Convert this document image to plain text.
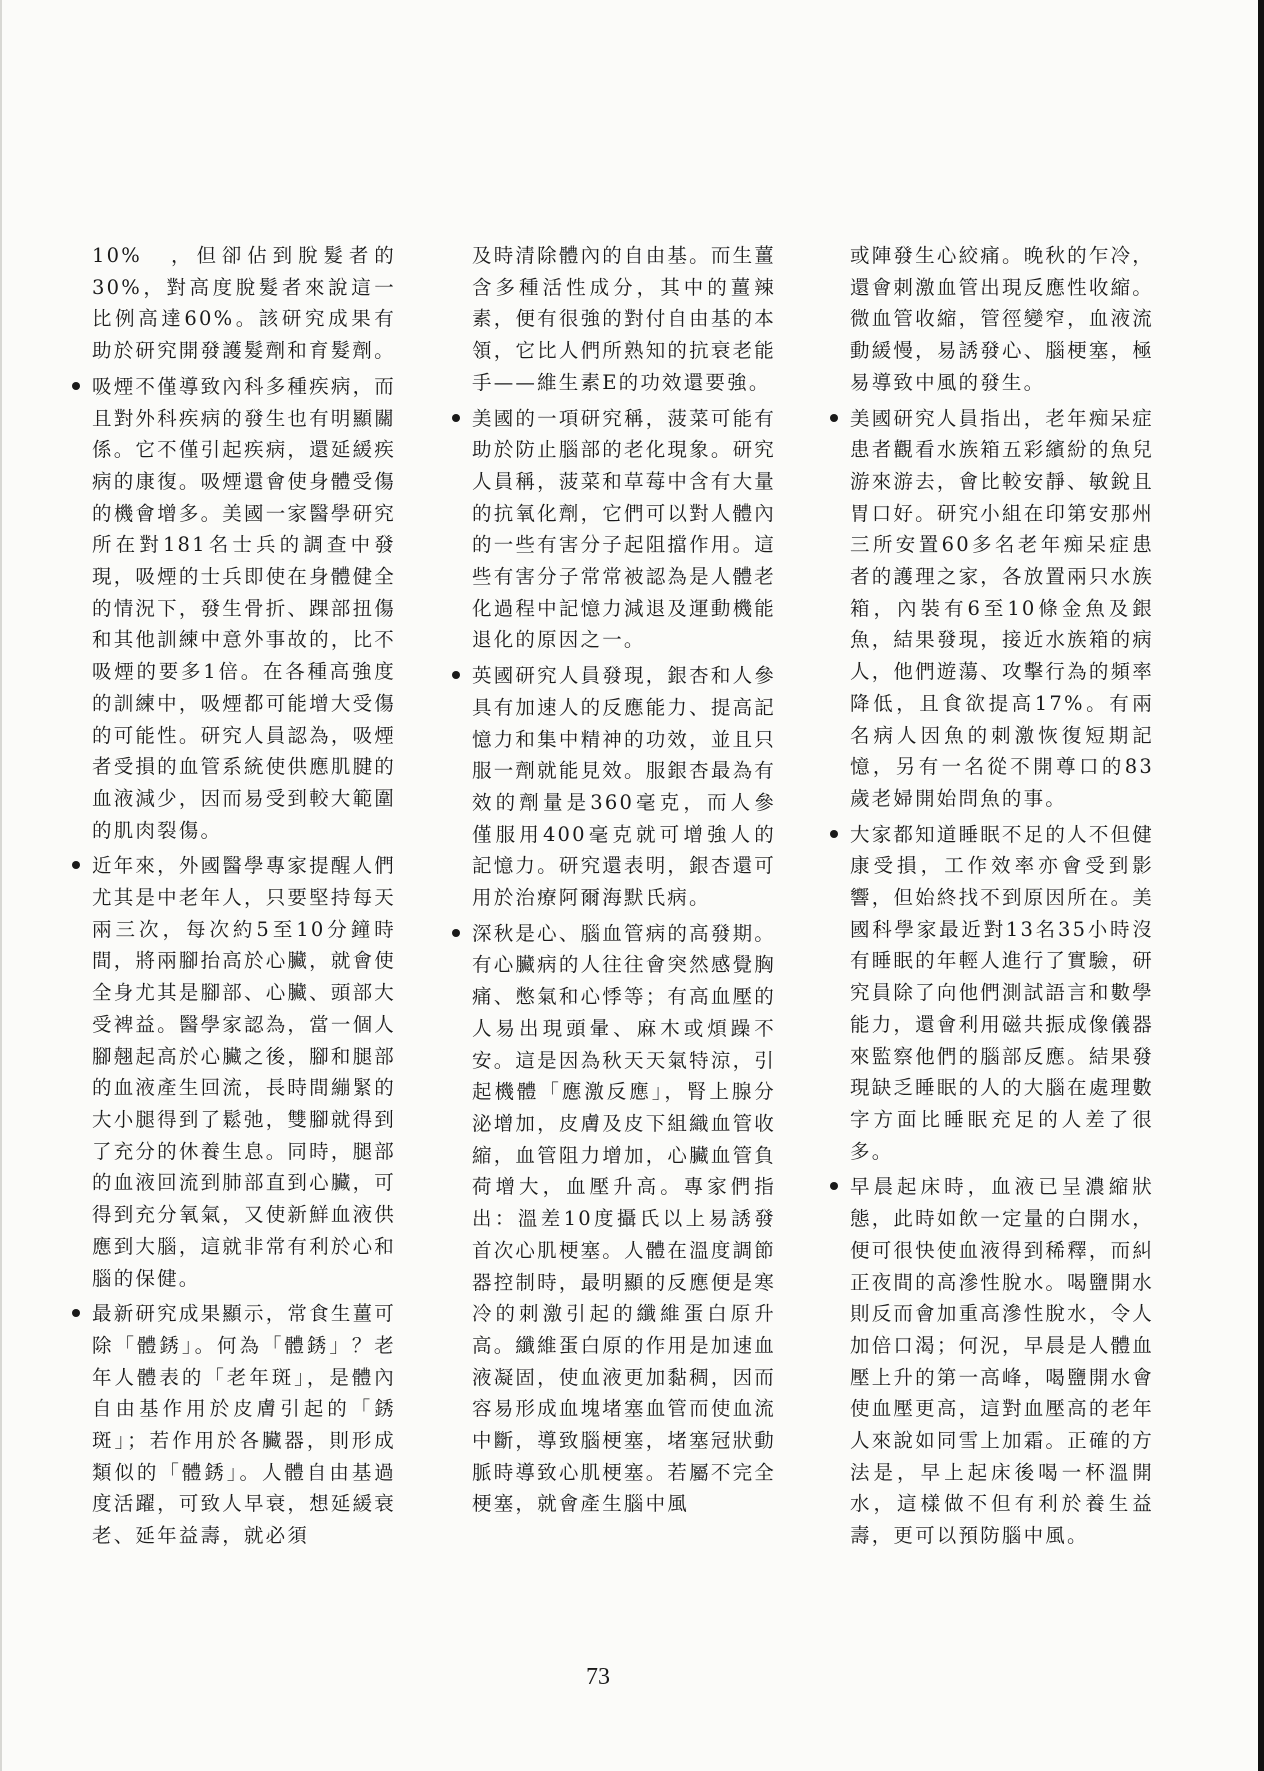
10%　，但卻佔到脫髮者的30%，對高度脫髮者來說這一比例高達60%。該研究成果有助於研究開發護髮劑和育髮劑。

吸煙不僅導致內科多種疾病，而且對外科疾病的發生也有明顯關係。它不僅引起疾病，還延緩疾病的康復。吸煙還會使身體受傷的機會增多。美國一家醫學研究所在對181名士兵的調查中發現，吸煙的士兵即使在身體健全的情況下，發生骨折、踝部扭傷和其他訓練中意外事故的，比不吸煙的要多1倍。在各種高強度的訓練中，吸煙都可能增大受傷的可能性。研究人員認為，吸煙者受損的血管系統使供應肌腱的血液減少，因而易受到較大範圍的肌肉裂傷。
近年來，外國醫學專家提醒人們尤其是中老年人，只要堅持每天兩三次，每次約5至10分鐘時間，將兩腳抬高於心臟，就會使全身尤其是腳部、心臟、頭部大受裨益。醫學家認為，當一個人腳翹起高於心臟之後，腳和腿部的血液產生回流，長時間繃緊的大小腿得到了鬆弛，雙腳就得到了充分的休養生息。同時，腿部的血液回流到肺部直到心臟，可得到充分氧氣，又使新鮮血液供應到大腦，這就非常有利於心和腦的保健。
最新研究成果顯示，常食生薑可除「體銹」。何為「體銹」？老年人體表的「老年斑」，是體內自由基作用於皮膚引起的「銹斑」；若作用於各臟器，則形成類似的「體銹」。人體自由基過度活躍，可致人早衰，想延緩衰老、延年益壽，就必須

及時清除體內的自由基。而生薑含多種活性成分，其中的薑辣素，便有很強的對付自由基的本領，它比人們所熟知的抗衰老能手——維生素E的功效還要強。

美國的一項研究稱，菠菜可能有助於防止腦部的老化現象。研究人員稱，菠菜和草莓中含有大量的抗氧化劑，它們可以對人體內的一些有害分子起阻擋作用。這些有害分子常常被認為是人體老化過程中記憶力減退及運動機能退化的原因之一。
英國研究人員發現，銀杏和人參具有加速人的反應能力、提高記憶力和集中精神的功效，並且只服一劑就能見效。服銀杏最為有效的劑量是360毫克，而人參僅服用400毫克就可增強人的記憶力。研究還表明，銀杏還可用於治療阿爾海默氏病。
深秋是心、腦血管病的高發期。有心臟病的人往往會突然感覺胸痛、憋氣和心悸等；有高血壓的人易出現頭暈、麻木或煩躁不安。這是因為秋天天氣特涼，引起機體「應激反應」，腎上腺分泌增加，皮膚及皮下組織血管收縮，血管阻力增加，心臟血管負荷增大，血壓升高。專家們指出：溫差10度攝氏以上易誘發首次心肌梗塞。人體在溫度調節器控制時，最明顯的反應便是寒冷的刺激引起的纖維蛋白原升高。纖維蛋白原的作用是加速血液凝固，使血液更加黏稠，因而容易形成血塊堵塞血管而使血流中斷，導致腦梗塞，堵塞冠狀動脈時導致心肌梗塞。若屬不完全梗塞，就會產生腦中風

或陣發生心絞痛。晚秋的乍冷，還會刺激血管出現反應性收縮。微血管收縮，管徑變窄，血液流動緩慢，易誘發心、腦梗塞，極易導致中風的發生。

美國研究人員指出，老年痴呆症患者觀看水族箱五彩繽紛的魚兒游來游去，會比較安靜、敏銳且胃口好。研究小組在印第安那州三所安置60多名老年痴呆症患者的護理之家，各放置兩只水族箱，內裝有6至10條金魚及銀魚，結果發現，接近水族箱的病人，他們遊蕩、攻擊行為的頻率降低，且食欲提高17%。有兩名病人因魚的刺激恢復短期記憶，另有一名從不開尊口的83歲老婦開始問魚的事。
大家都知道睡眠不足的人不但健康受損，工作效率亦會受到影響，但始終找不到原因所在。美國科學家最近對13名35小時沒有睡眠的年輕人進行了實驗，研究員除了向他們測試語言和數學能力，還會利用磁共振成像儀器來監察他們的腦部反應。結果發現缺乏睡眠的人的大腦在處理數字方面比睡眠充足的人差了很多。
早晨起床時，血液已呈濃縮狀態，此時如飲一定量的白開水，便可很快使血液得到稀釋，而糾正夜間的高滲性脫水。喝鹽開水則反而會加重高滲性脫水，令人加倍口渴；何況，早晨是人體血壓上升的第一高峰，喝鹽開水會使血壓更高，這對血壓高的老年人來說如同雪上加霜。正確的方法是，早上起床後喝一杯溫開水，這樣做不但有利於養生益壽，更可以預防腦中風。
73
